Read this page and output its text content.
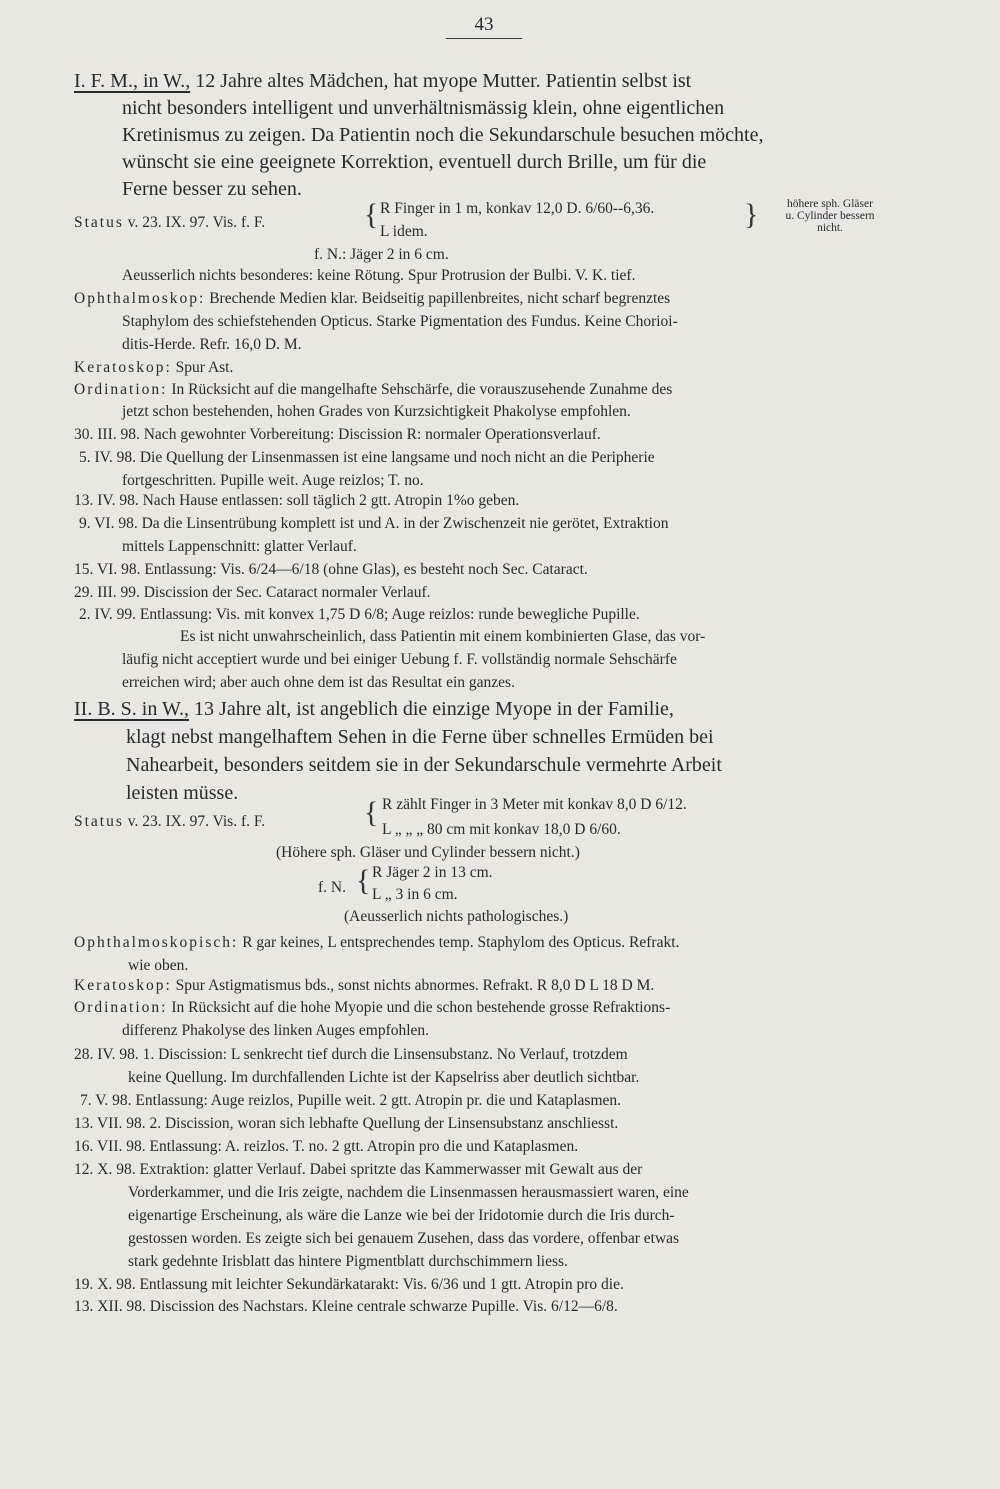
43
I. F. M., in W., 12 Jahre altes Mädchen, hat myope Mutter. Patientin selbst ist
nicht besonders intelligent und unverhältnismässig klein, ohne eigentlichen
Kretinismus zu zeigen. Da Patientin noch die Sekundarschule besuchen möchte,
wünscht sie eine geeignete Korrektion, eventuell durch Brille, um für die
Ferne besser zu sehen.
Status v. 23. IX. 97. Vis. f. F.	{ R Finger in 1 m, konkav 12,0 D. 6/60--6,36.
L idem.
}	höhere sph. Gläser
u. Cylinder bessern
nicht.
f. N.: Jäger 2 in 6 cm.
Aeusserlich nichts besonderes: keine Rötung. Spur Protrusion der Bulbi. V. K. tief.
Ophthalmoskop: Brechende Medien klar. Beidseitig papillenbreites, nicht scharf begrenztes
Staphylom des schiefstehenden Opticus. Starke Pigmentation des Fundus. Keine Chorioi-
ditis-Herde. Refr. 16,0 D. M.
Keratoskop: Spur Ast.
Ordination: In Rücksicht auf die mangelhafte Sehschärfe, die vorauszusehende Zunahme des
jetzt schon bestehenden, hohen Grades von Kurzsichtigkeit Phakolyse empfohlen.
30. III. 98. Nach gewohnter Vorbereitung: Discission R: normaler Operationsverlauf.
5. IV. 98. Die Quellung der Linsenmassen ist eine langsame und noch nicht an die Peripherie
fortgeschritten. Pupille weit. Auge reizlos; T. no.
13. IV. 98. Nach Hause entlassen: soll täglich 2 gtt. Atropin 1%o geben.
9. VI. 98. Da die Linsentrübung komplett ist und A. in der Zwischenzeit nie gerötet, Extraktion
mittels Lappenschnitt: glatter Verlauf.
15. VI. 98. Entlassung: Vis. 6/24—6/18 (ohne Glas), es besteht noch Sec. Cataract.
29. III. 99. Discission der Sec. Cataract normaler Verlauf.
2. IV. 99. Entlassung: Vis. mit konvex 1,75 D 6/8; Auge reizlos: runde bewegliche Pupille.
Es ist nicht unwahrscheinlich, dass Patientin mit einem kombinierten Glase, das vor-
läufig nicht acceptiert wurde und bei einiger Uebung f. F. vollständig normale Sehschärfe
erreichen wird; aber auch ohne dem ist das Resultat ein ganzes.
II. B. S. in W., 13 Jahre alt, ist angeblich die einzige Myope in der Familie,
klagt nebst mangelhaftem Sehen in die Ferne über schnelles Ermüden bei
Nahearbeit, besonders seitdem sie in der Sekundarschule vermehrte Arbeit
leisten müsse.
Status v. 23. IX. 97. Vis. f. F.	{ R zählt Finger in 3 Meter mit konkav 8,0 D 6/12.
L „ „ „ 80 cm mit konkav 18,0 D 6/60.
(Höhere sph. Gläser und Cylinder bessern nicht.)
f. N. { R Jäger 2 in 13 cm.
L „ 3 in 6 cm.
(Aeusserlich nichts pathologisches.)
Ophthalmoskopisch: R gar keines, L entsprechendes temp. Staphylom des Opticus. Refrakt.
wie oben.
Keratoskop: Spur Astigmatismus bds., sonst nichts abnormes. Refrakt. R 8,0 D L 18 D M.
Ordination: In Rücksicht auf die hohe Myopie und die schon bestehende grosse Refraktions-
differenz Phakolyse des linken Auges empfohlen.
28. IV. 98. 1. Discission: L senkrecht tief durch die Linsensubstanz. No Verlauf, trotzdem
keine Quellung. Im durchfallenden Lichte ist der Kapselriss aber deutlich sichtbar.
7. V. 98. Entlassung: Auge reizlos, Pupille weit. 2 gtt. Atropin pr. die und Kataplasmen.
13. VII. 98. 2. Discission, woran sich lebhafte Quellung der Linsensubstanz anschliesst.
16. VII. 98. Entlassung: A. reizlos. T. no. 2 gtt. Atropin pro die und Kataplasmen.
12. X. 98. Extraktion: glatter Verlauf. Dabei spritzte das Kammerwasser mit Gewalt aus der
Vorderkammer, und die Iris zeigte, nachdem die Linsenmassen herausmassiert waren, eine
eigenartige Erscheinung, als wäre die Lanze wie bei der Iridotomie durch die Iris durch-
gestossen worden. Es zeigte sich bei genauem Zusehen, dass das vordere, offenbar etwas
stark gedehnte Irisblatt das hintere Pigmentblatt durchschimmern liess.
19. X. 98. Entlassung mit leichter Sekundärkatarakt: Vis. 6/36 und 1 gtt. Atropin pro die.
13. XII. 98. Discission des Nachstars. Kleine centrale schwarze Pupille. Vis. 6/12—6/8.
